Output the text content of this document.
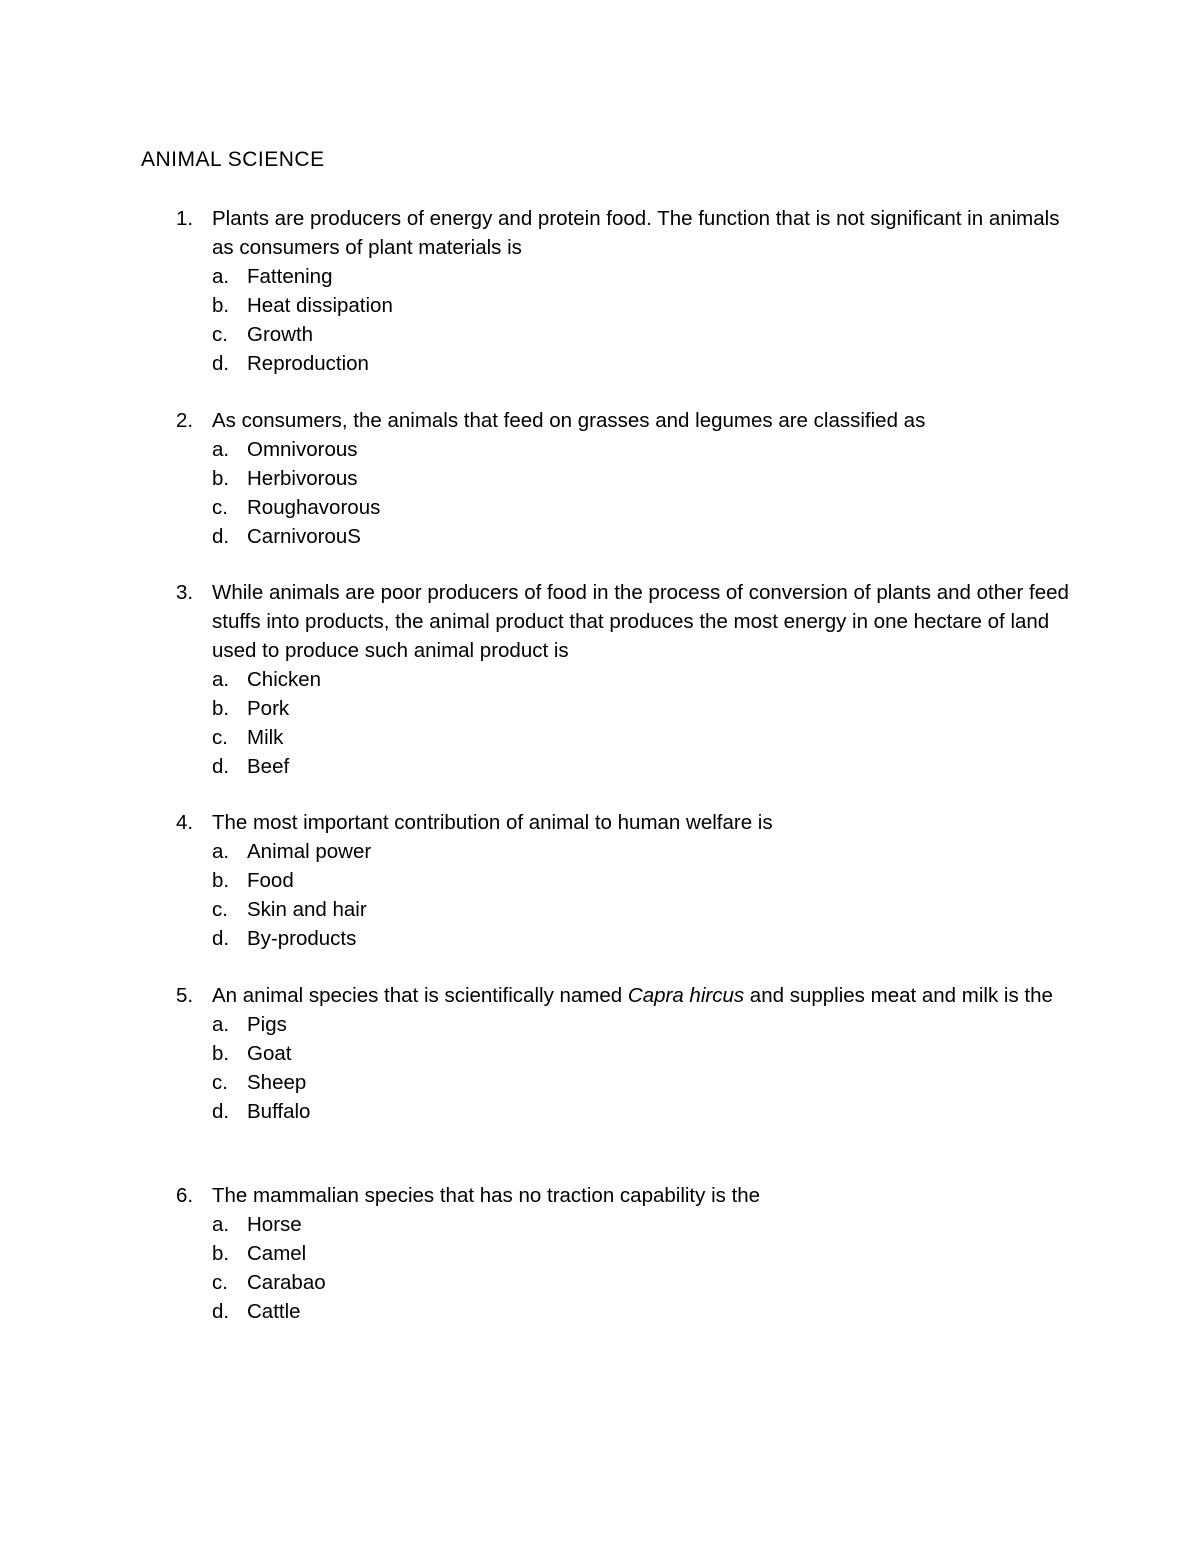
ANIMAL SCIENCE
1. Plants are producers of energy and protein food. The function that is not significant in animals as consumers of plant materials is
a. Fattening
b. Heat dissipation
c. Growth
d. Reproduction
2. As consumers, the animals that feed on grasses and legumes are classified as
a. Omnivorous
b. Herbivorous
c. Roughavorous
d. CarnivorouS
3. While animals are poor producers of food in the process of conversion of plants and other feed stuffs into products, the animal product that produces the most energy in one hectare of land used to produce such animal product is
a. Chicken
b. Pork
c. Milk
d. Beef
4. The most important contribution of animal to human welfare is
a. Animal power
b. Food
c. Skin and hair
d. By-products
5. An animal species that is scientifically named Capra hircus and supplies meat and milk is the
a. Pigs
b. Goat
c. Sheep
d. Buffalo
6. The mammalian species that has no traction capability is the
a. Horse
b. Camel
c. Carabao
d. Cattle
